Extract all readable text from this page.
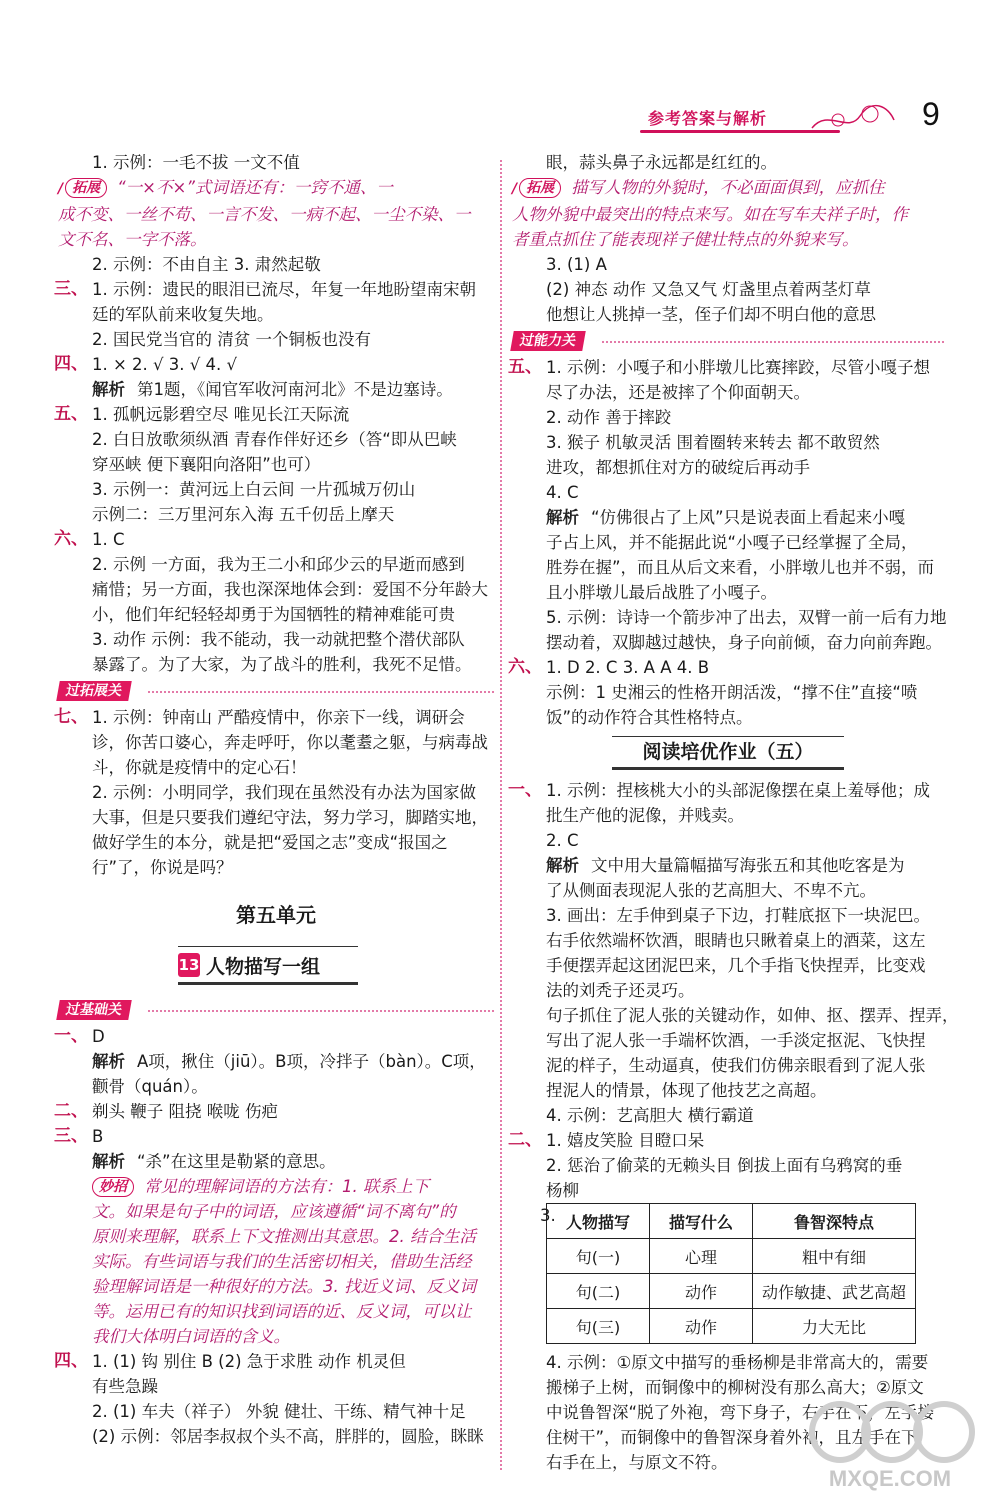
参考答案与解析	9
1. 示例：一毛不拔 一文不值
/ 拓展 “一×不×”式词语还有：一窍不通、一
成不变、一丝不苟、一言不发、一病不起、一尘不染、一
文不名、一字不落。
2. 示例：不由自主 3. 肃然起敬
三、 1. 示例：遗民的眼泪已流尽，年复一年地盼望南宋朝
廷的军队前来收复失地。
2. 国民党当官的 清贫 一个铜板也没有
四、 1. × 2. √ 3. √ 4. √
解析 第1题，《闻官军收河南河北》不是边塞诗。
五、 1. 孤帆远影碧空尽 唯见长江天际流
2. 白日放歌须纵酒 青春作伴好还乡（答“即从巴峡
穿巫峡 便下襄阳向洛阳”也可）
3. 示例一：黄河远上白云间 一片孤城万仞山
示例二：三万里河东入海 五千仞岳上摩天
六、 1. C
2. 示例 一方面，我为王二小和邱少云的早逝而感到
痛惜；另一方面，我也深深地体会到：爱国不分年龄大
小，他们年纪轻轻却勇于为国牺牲的精神难能可贵
3. 动作 示例：我不能动，我一动就把整个潜伏部队
暴露了。为了大家，为了战斗的胜利，我死不足惜。
过拓展关
七、 1. 示例：钟南山 严酷疫情中，你亲下一线，调研会
诊，你苦口婆心，奔走呼吁，你以耄耋之躯，与病毒战
斗，你就是疫情中的定心石！
2. 示例：小明同学，我们现在虽然没有办法为国家做
大事，但是只要我们遵纪守法，努力学习，脚踏实地，
做好学生的本分，就是把“爱国之志”变成“报国之
行”了，你说是吗？
第五单元
13 人物描写一组
过基础关
一、 D
解析 A项，揪住（jiū）。B项，冷拌子（bàn）。C项，
颧骨（quán）。
二、 剃头 鞭子 阻挠 喉咙 伤疤
三、 B
解析 “杀”在这里是勒紧的意思。
妙招 常见的理解词语的方法有：1. 联系上下
文。如果是句子中的词语，应该遵循“词不离句”的
原则来理解，联系上下文推测出其意思。2. 结合生活
实际。有些词语与我们的生活密切相关，借助生活经
验理解词语是一种很好的方法。3. 找近义词、反义词
等。运用已有的知识找到词语的近、反义词，可以让
我们大体明白词语的含义。
四、 1. (1) 钩 别住 B (2) 急于求胜 动作 机灵但
有些急躁
2. (1) 车夫（祥子） 外貌 健壮、干练、精气神十足
(2) 示例：邻居李叔叔个头不高，胖胖的，圆脸，眯眯
眼，蒜头鼻子永远都是红红的。
/ 拓展 描写人物的外貌时，不必面面俱到，应抓住
人物外貌中最突出的特点来写。如在写车夫祥子时，作
者重点抓住了能表现祥子健壮特点的外貌来写。
3. (1) A
(2) 神态 动作 又急又气 灯盏里点着两茎灯草
他想让人挑掉一茎，侄子们却不明白他的意思
过能力关
五、 1. 示例：小嘎子和小胖墩儿比赛摔跤，尽管小嘎子想
尽了办法，还是被摔了个仰面朝天。
2. 动作 善于摔跤
3. 猴子 机敏灵活 围着圈转来转去 都不敢贸然
进攻，都想抓住对方的破绽后再动手
4. C
解析 “仿佛很占了上风”只是说表面上看起来小嘎
子占上风，并不能据此说“小嘎子已经掌握了全局，
胜券在握”，而且从后文来看，小胖墩儿也并不弱，而
且小胖墩儿最后战胜了小嘎子。
5. 示例：诗诗一个箭步冲了出去，双臂一前一后有力地
摆动着，双脚越过越快，身子向前倾，奋力向前奔跑。
六、 1. D 2. C 3. A A 4. B
示例：1 史湘云的性格开朗活泼，“撑不住”直接“喷
饭”的动作符合其性格特点。
阅读培优作业（五）
一、 1. 示例：捏核桃大小的头部泥像摆在桌上羞辱他；成
批生产他的泥像，并贱卖。
2. C
解析 文中用大量篇幅描写海张五和其他吃客是为
了从侧面表现泥人张的艺高胆大、不卑不亢。
3. 画出：左手伸到桌子下边，打鞋底抠下一块泥巴。
右手依然端杯饮酒，眼睛也只瞅着桌上的酒菜，这左
手便摆弄起这团泥巴来，几个手指飞快捏弄，比变戏
法的刘秃子还灵巧。
句子抓住了泥人张的关键动作，如伸、抠、摆弄、捏弄，
写出了泥人张一手端杯饮酒，一手淡定抠泥、飞快捏
泥的样子，生动逼真，使我们仿佛亲眼看到了泥人张
捏泥人的情景，体现了他技艺之高超。
4. 示例：艺高胆大 横行霸道
二、 1. 嬉皮笑脸 目瞪口呆
2. 惩治了偷菜的无赖头目 倒拔上面有乌鸦窝的垂
杨柳
3. 人物描写	描写什么	鲁智深特点
句(一)	心理	粗中有细
句(二)	动作	动作敏捷、武艺高超
句(三)	动作	力大无比
4. 示例：①原文中描写的垂杨柳是非常高大的，需要
搬梯子上树，而铜像中的柳树没有那么高大；②原文
中说鲁智深“脱了外袍，弯下身子，右手在下，左手搂
住树干”，而铜像中的鲁智深身着外袍，且左手在下，
右手在上，与原文不符。
MXQE.COM
